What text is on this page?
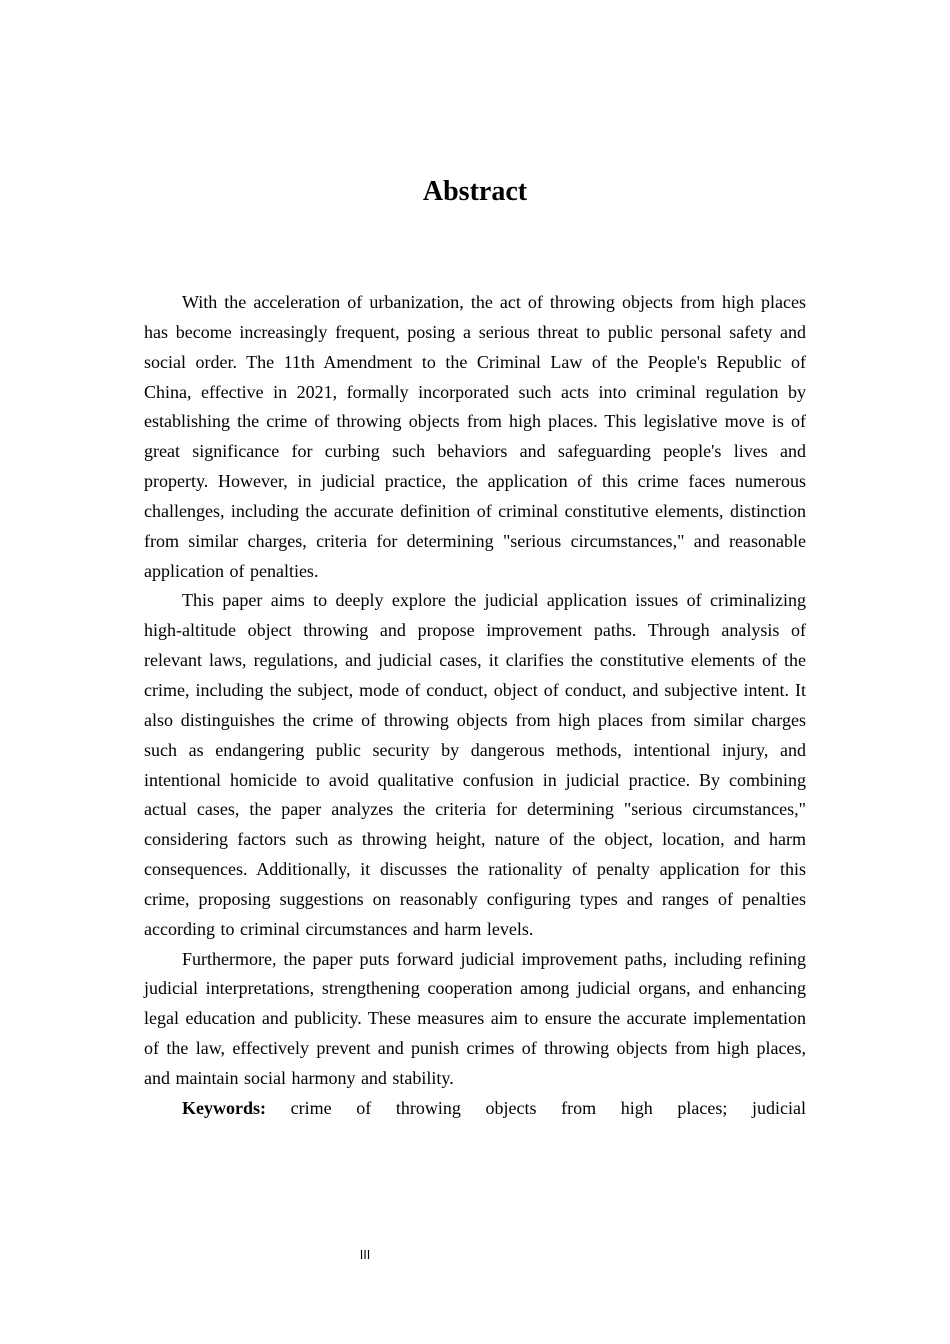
Abstract

With the acceleration of urbanization, the act of throwing objects from high places has become increasingly frequent, posing a serious threat to public personal safety and social order. The 11th Amendment to the Criminal Law of the People's Republic of China, effective in 2021, formally incorporated such acts into criminal regulation by establishing the crime of throwing objects from high places. This legislative move is of great significance for curbing such behaviors and safeguarding people's lives and property. However, in judicial practice, the application of this crime faces numerous challenges, including the accurate definition of criminal constitutive elements, distinction from similar charges, criteria for determining "serious circumstances," and reasonable application of penalties.

This paper aims to deeply explore the judicial application issues of criminalizing high-altitude object throwing and propose improvement paths. Through analysis of relevant laws, regulations, and judicial cases, it clarifies the constitutive elements of the crime, including the subject, mode of conduct, object of conduct, and subjective intent. It also distinguishes the crime of throwing objects from high places from similar charges such as endangering public security by dangerous methods, intentional injury, and intentional homicide to avoid qualitative confusion in judicial practice. By combining actual cases, the paper analyzes the criteria for determining "serious circumstances," considering factors such as throwing height, nature of the object, location, and harm consequences. Additionally, it discusses the rationality of penalty application for this crime, proposing suggestions on reasonably configuring types and ranges of penalties according to criminal circumstances and harm levels.

Furthermore, the paper puts forward judicial improvement paths, including refining judicial interpretations, strengthening cooperation among judicial organs, and enhancing legal education and publicity. These measures aim to ensure the accurate implementation of the law, effectively prevent and punish crimes of throwing objects from high places, and maintain social harmony and stability.

Keywords: crime of throwing objects from high places; judicial

III
